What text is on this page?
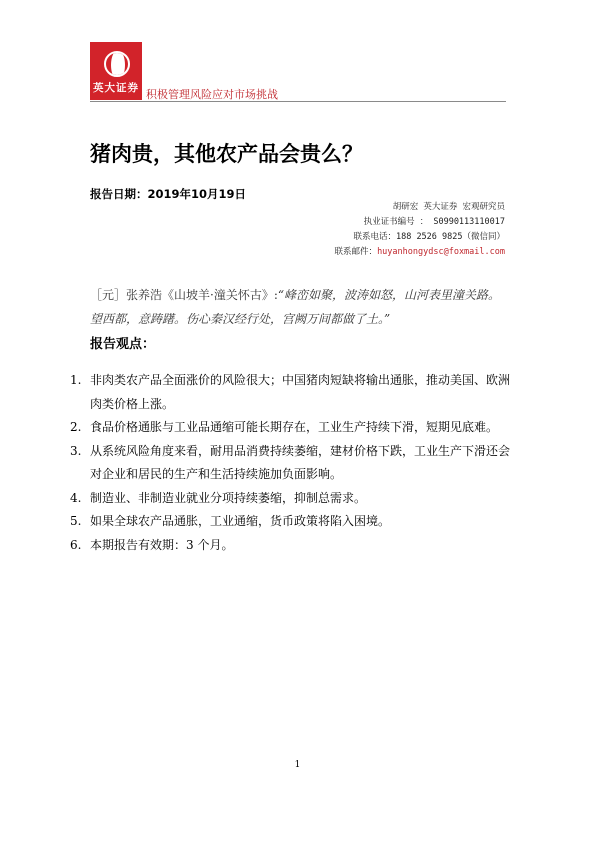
英大证券 积极管理风险应对市场挑战
猪肉贵，其他农产品会贵么？
报告日期：2019年10月19日
胡研宏 英大证券 宏观研究员
执业证书编号 ： S0990113110017
联系电话：188 2526 9825（微信同）
联系邮件：huyanhongydsc@foxmail.com
［元］张养浩《山坡羊·潼关怀古》:“峰峦如聚，波涛如怒，山河表里潼关路。望西都，意踌躇。伤心秦汉经行处，宫阙万间都做了土。”
报告观点：
1. 非肉类农产品全面涨价的风险很大；中国猪肉短缺将输出通胀，推动美国、欧洲肉类价格上涨。
2. 食品价格通胀与工业品通缩可能长期存在，工业生产持续下滑，短期见底难。
3. 从系统风险角度来看，耐用品消费持续萎缩，建材价格下跌，工业生产下滑还会对企业和居民的生产和生活持续施加负面影响。
4. 制造业、非制造业就业分项持续萎缩，抑制总需求。
5. 如果全球农产品通胀，工业通缩，货币政策将陷入困境。
6. 本期报告有效期：3 个月。
1
